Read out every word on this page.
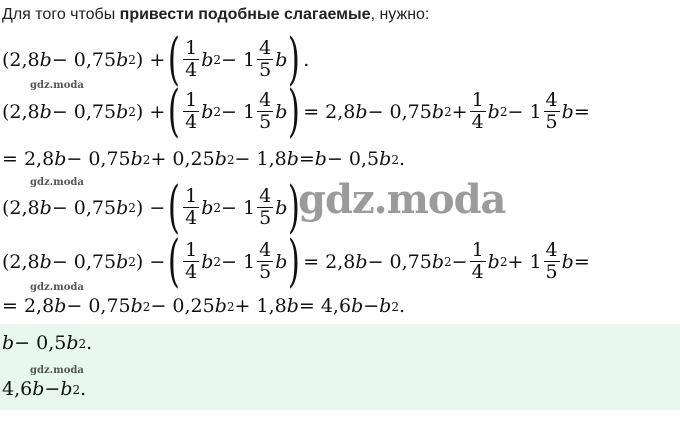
Для того чтобы привести подобные слагаемые, нужно:
(2,8 b − 0,75 b 2 ) + ( $\frac{1}{4}$ b $2 - 1 \frac{4}{5}$ b ) .
gdz.moda
(2,8 b − 0,75 b 2 ) + ( $\frac{1}{4}$ b $2 - 1 \frac{4}{5}$ b ) = 2,8 b − 0,75 b $2 + \frac{1}{4}$ b $2 - 1 \frac{4}{5}$ b =
= 2,8 b − 0,75 b 2 + 0,25 b 2 − 1,8 b = b − 0,5 b 2 .
gdz.moda
(2,8 b − 0,75 b 2 ) − ( $\frac{1}{4}$ b $2 - 1 \frac{4}{5}$ b )
gdz.moda
(2,8 b − 0,75 b 2 ) − ( $\frac{1}{4}$ b $2 - 1 \frac{4}{5}$ b ) = 2,8 b − 0,75 b $2 - \frac{1}{4}$ b $2 + 1 \frac{4}{5}$ b =
gdz.moda
= 2,8 b − 0,75 b 2 − 0,25 b 2 + 1,8 b = 4,6 b − b 2 .
b − 0,5 b 2 .
gdz.moda
4,6 b − b 2 .
